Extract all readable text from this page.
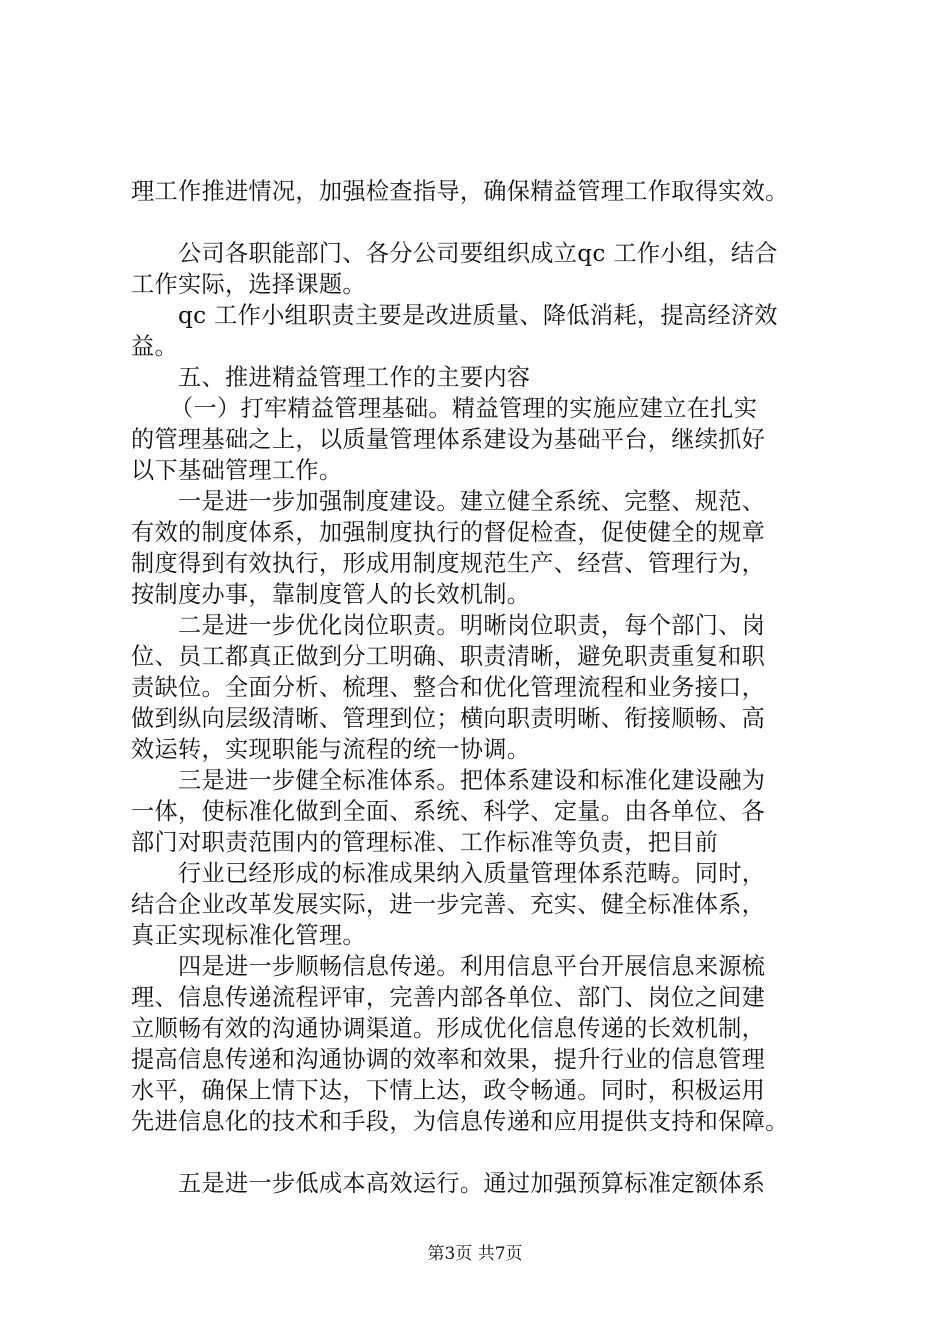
理工作推进情况，加强检查指导，确保精益管理工作取得实效。
公司各职能部门、各分公司要组织成立qc 工作小组，结合
工作实际，选择课题。
qc 工作小组职责主要是改进质量、降低消耗，提高经济效
益。
五、推进精益管理工作的主要内容
（一）打牢精益管理基础。精益管理的实施应建立在扎实
的管理基础之上，以质量管理体系建设为基础平台，继续抓好
以下基础管理工作。
一是进一步加强制度建设。建立健全系统、完整、规范、
有效的制度体系，加强制度执行的督促检查，促使健全的规章
制度得到有效执行，形成用制度规范生产、经营、管理行为，
按制度办事，靠制度管人的长效机制。
二是进一步优化岗位职责。明晰岗位职责，每个部门、岗
位、员工都真正做到分工明确、职责清晰，避免职责重复和职
责缺位。全面分析、梳理、整合和优化管理流程和业务接口，
做到纵向层级清晰、管理到位；横向职责明晰、衔接顺畅、高
效运转，实现职能与流程的统一协调。
三是进一步健全标准体系。把体系建设和标准化建设融为
一体，使标准化做到全面、系统、科学、定量。由各单位、各
部门对职责范围内的管理标准、工作标准等负责，把目前
行业已经形成的标准成果纳入质量管理体系范畴。同时，
结合企业改革发展实际，进一步完善、充实、健全标准体系，
真正实现标准化管理。
四是进一步顺畅信息传递。利用信息平台开展信息来源梳
理、信息传递流程评审，完善内部各单位、部门、岗位之间建
立顺畅有效的沟通协调渠道。形成优化信息传递的长效机制，
提高信息传递和沟通协调的效率和效果，提升行业的信息管理
水平，确保上情下达，下情上达，政令畅通。同时，积极运用
先进信息化的技术和手段，为信息传递和应用提供支持和保障。
五是进一步低成本高效运行。通过加强预算标准定额体系
第3页 共7页
